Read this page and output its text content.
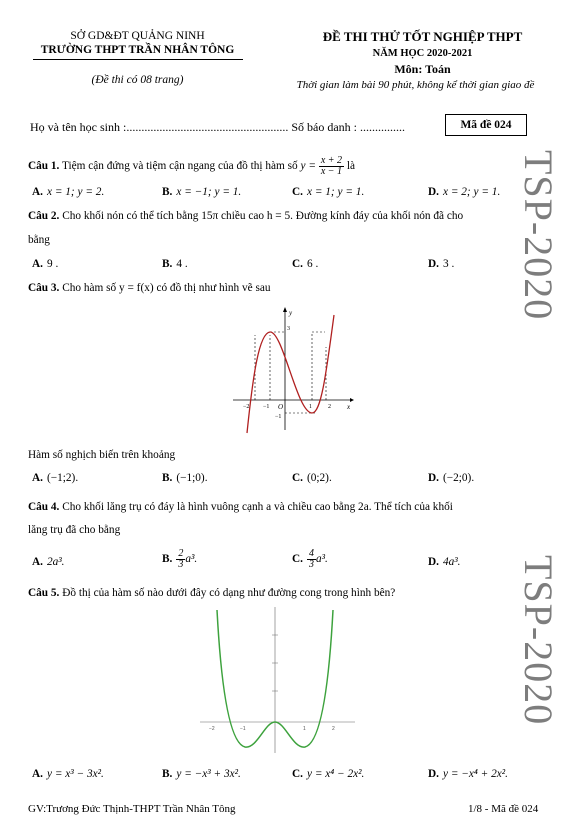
SỞ GD&ĐT QUẢNG NINH
TRƯỜNG THPT TRẦN NHÂN TÔNG
(Đề thi có 08 trang)
ĐỀ THI THỬ TỐT NGHIỆP THPT
NĂM HỌC 2020-2021
Môn: Toán
Thời gian làm bài 90 phút, không kể thời gian giao đề
Họ và tên học sinh :...................................................... Số báo danh : ...............	Mã đề 024
TSP-2020
TSP-2020
Câu 1. Tiệm cận đứng và tiệm cận ngang của đồ thị hàm số $y = \frac{x + 2}{x - 1}$ là
A. x = 1; y = 2.	B. x = −1; y = 1.	C. x = 1; y = 1.	D. x = 2; y = 1.
Câu 2. Cho khối nón có thể tích bằng 15π chiều cao h = 5. Đường kính đáy của khối nón đã cho
bằng
A. 9 .	B. 4 .	C. 6 .	D. 3 .
Câu 3. Cho hàm số y = f(x) có đồ thị như hình vẽ sau
y
x
O
−2 −1	1	2
3
−1
Hàm số nghịch biến trên khoảng
A. (−1;2).	B. (−1;0).	C. (0;2).	D. (−2;0).
Câu 4. Cho khối lăng trụ có đáy là hình vuông cạnh a và chiều cao bằng 2a. Thể tích của khối
lăng trụ đã cho bằng
A. 2a³.	B. $\frac{2}{3} a^3$.	C. $\frac{4}{3} a^3$.	D. 4a³.
Câu 5. Đồ thị của hàm số nào dưới đây có dạng như đường cong trong hình bên?
−2	−1	1	2
A. y = x³ − 3x².	B. y = −x³ + 3x².	C. y = x⁴ − 2x².	D. y = −x⁴ + 2x².
GV:Trương Đức Thịnh-THPT Trần Nhân Tông	1/8 - Mã đề 024
